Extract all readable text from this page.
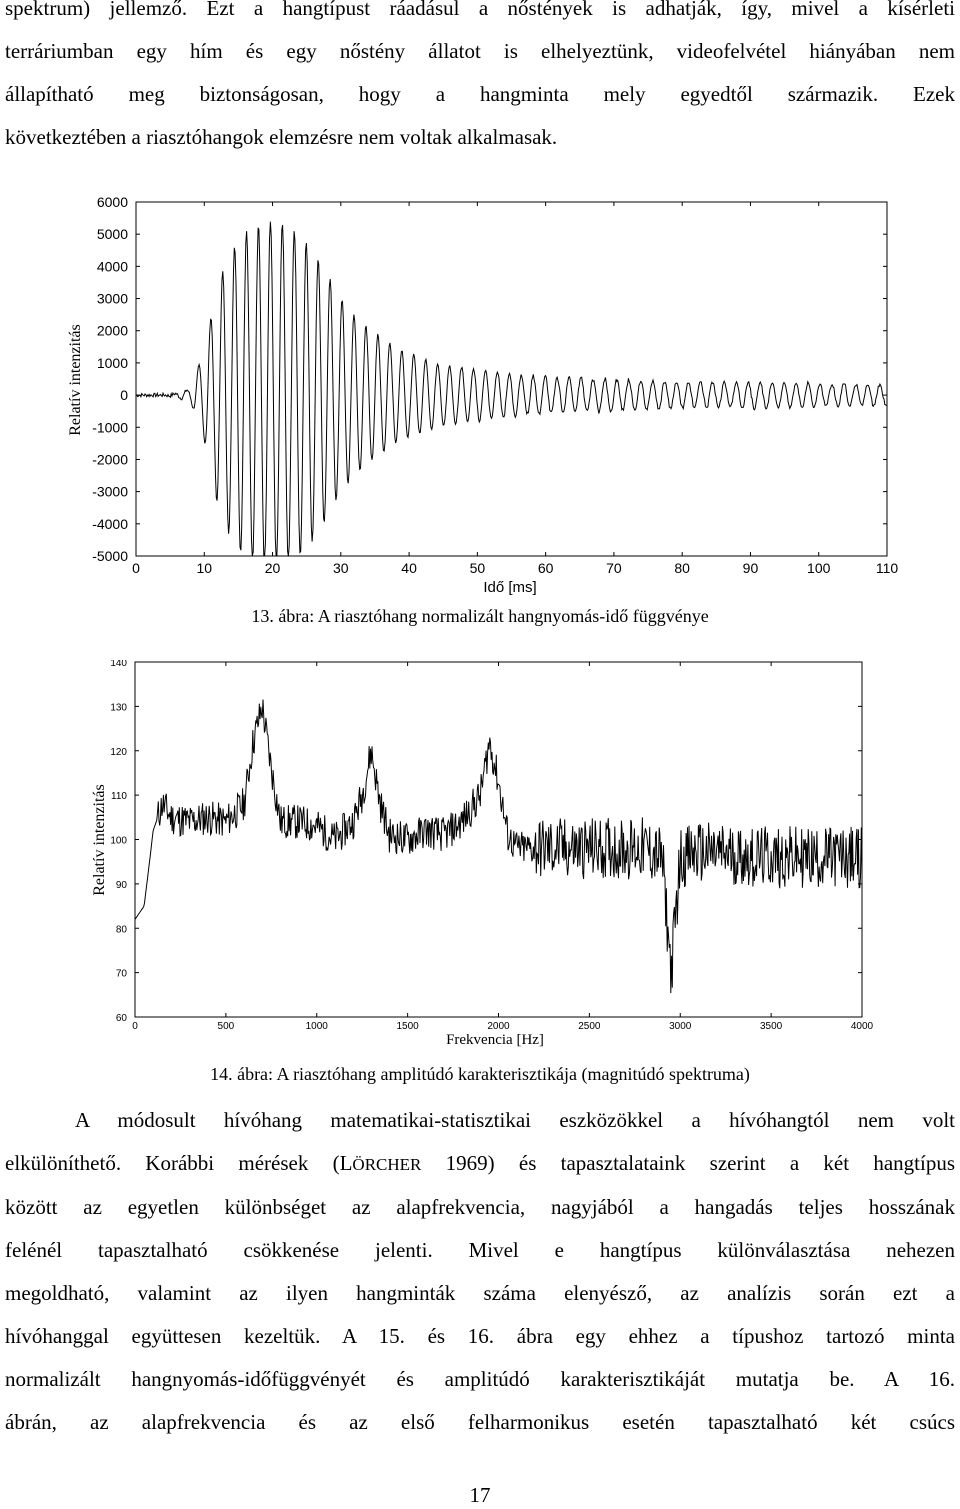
spektrum) jellemző. Ezt a hangtípust ráadásul a nőstények is adhatják, így, mivel a kísérleti
terráriumban egy hím és egy nőstény állatot is elhelyeztünk, videofelvétel hiányában nem
állapítható meg biztonságosan, hogy a hangminta mely egyedtől származik. Ezek
következtében a riasztóhangok elemzésre nem voltak alkalmasak.
6000
5000
4000
3000
2000
1000
0
-1000
-2000
-3000
-4000
-5000
0	10	20	30	40	50	60	70	80	90	100	110
Idő [ms]
Relatív intenzitás
13. ábra: A riasztóhang normalizált hangnyomás-idő függvénye
140
130
120
110
100
90
80
70
60
0	500	1000	1500	2000	2500	3000	3500	4000
Frekvencia [Hz]
Relatív intenzitás
14. ábra: A riasztóhang amplitúdó karakterisztikája (magnitúdó spektruma)
A módosult hívóhang matematikai-statisztikai eszközökkel a hívóhangtól nem volt
elkülöníthető. Korábbi mérések (LÖRCHER 1969) és tapasztalataink szerint a két hangtípus
között az egyetlen különbséget az alapfrekvencia, nagyjából a hangadás teljes hosszának
felénél tapasztalható csökkenése jelenti. Mivel e hangtípus különválasztása nehezen
megoldható, valamint az ilyen hangminták száma elenyésző, az analízis során ezt a
hívóhanggal együttesen kezeltük. A 15. és 16. ábra egy ehhez a típushoz tartozó minta
normalizált hangnyomás-időfüggvényét és amplitúdó karakterisztikáját mutatja be. A 16.
ábrán, az alapfrekvencia és az első felharmonikus esetén tapasztalható két csúcs
17
